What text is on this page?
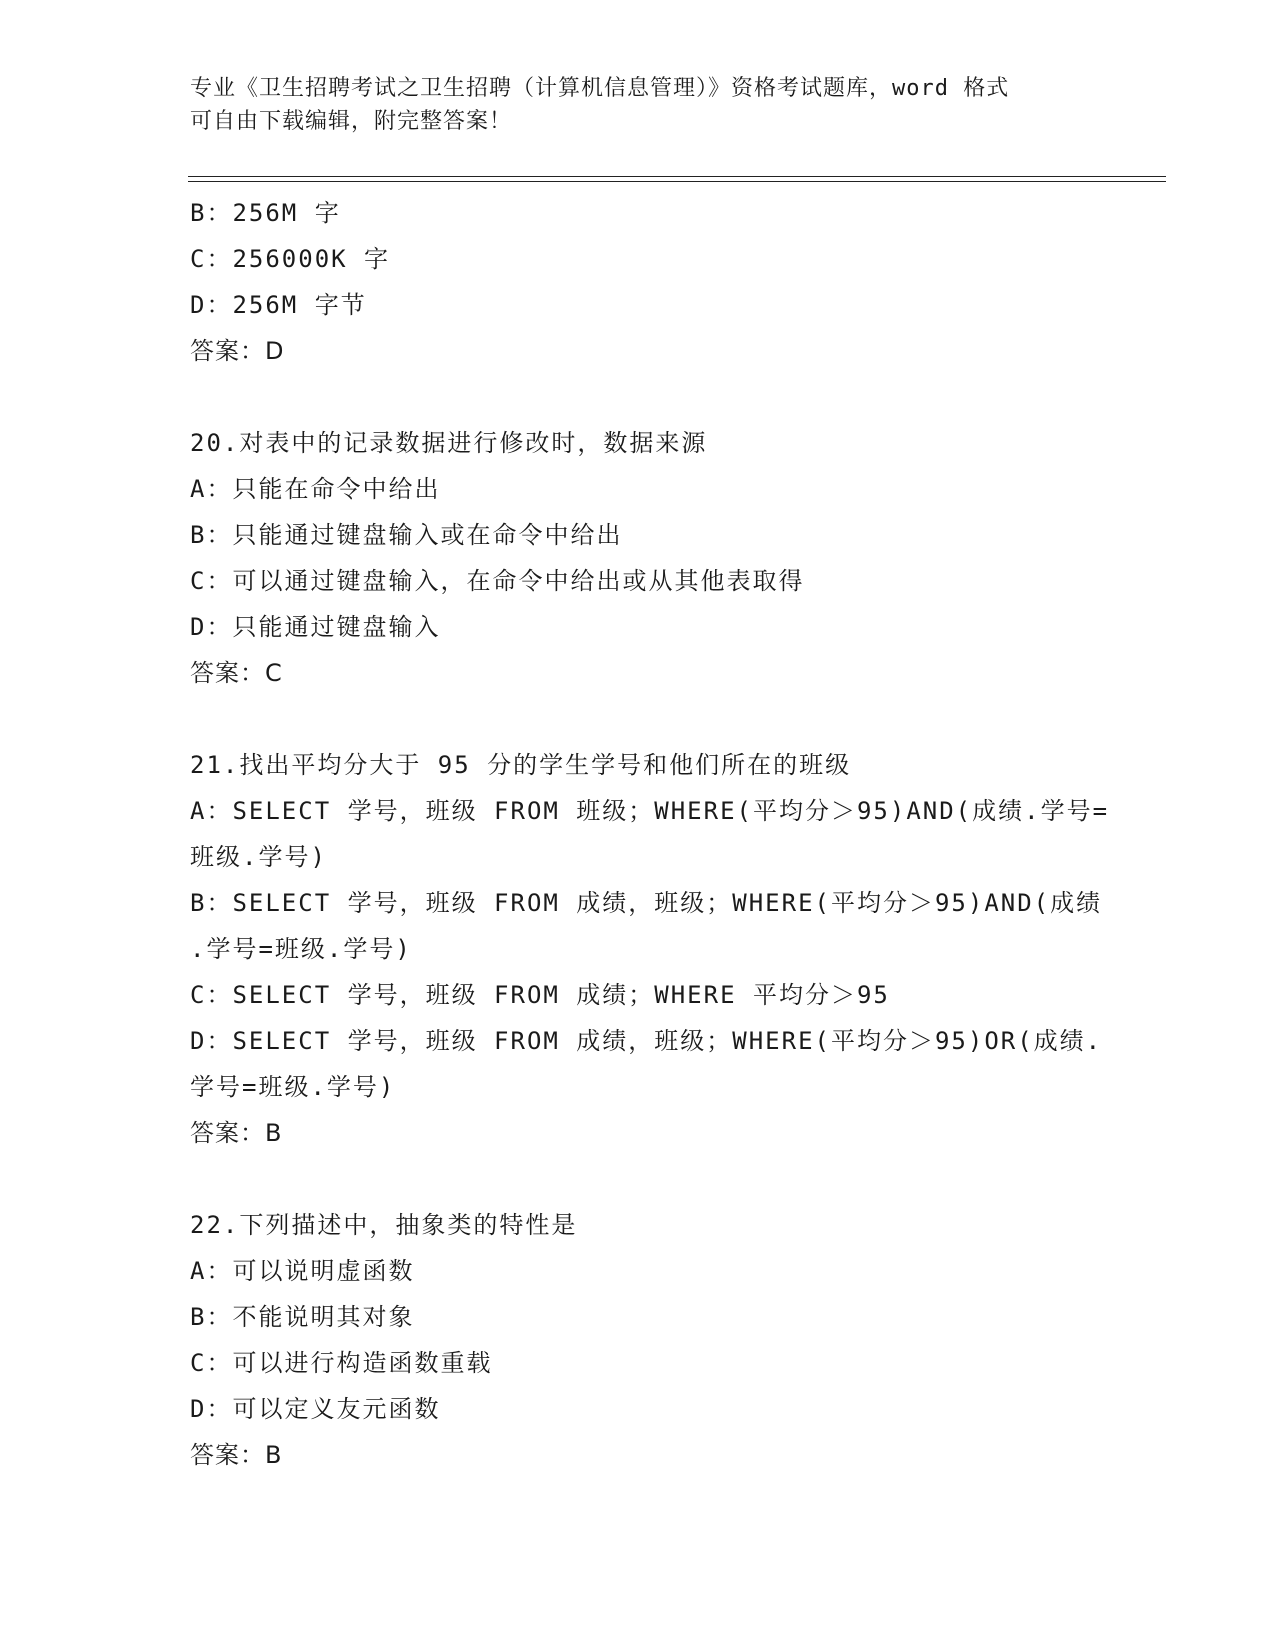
专业《卫生招聘考试之卫生招聘（计算机信息管理）》资格考试题库，word 格式
可自由下载编辑，附完整答案！
B：256M 字
C：256000K 字
D：256M 字节
答案：D
20.对表中的记录数据进行修改时，数据来源
A：只能在命令中给出
B：只能通过键盘输入或在命令中给出
C：可以通过键盘输入，在命令中给出或从其他表取得
D：只能通过键盘输入
答案：C
21.找出平均分大于 95 分的学生学号和他们所在的班级
A：SELECT 学号，班级 FROM 班级；WHERE(平均分＞95)AND(成绩.学号=
班级.学号)
B：SELECT 学号，班级 FROM 成绩，班级；WHERE(平均分＞95)AND(成绩
.学号=班级.学号)
C：SELECT 学号，班级 FROM 成绩；WHERE 平均分＞95
D：SELECT 学号，班级 FROM 成绩，班级；WHERE(平均分＞95)OR(成绩.
学号=班级.学号)
答案：B
22.下列描述中，抽象类的特性是
A：可以说明虚函数
B：不能说明其对象
C：可以进行构造函数重载
D：可以定义友元函数
答案：B
